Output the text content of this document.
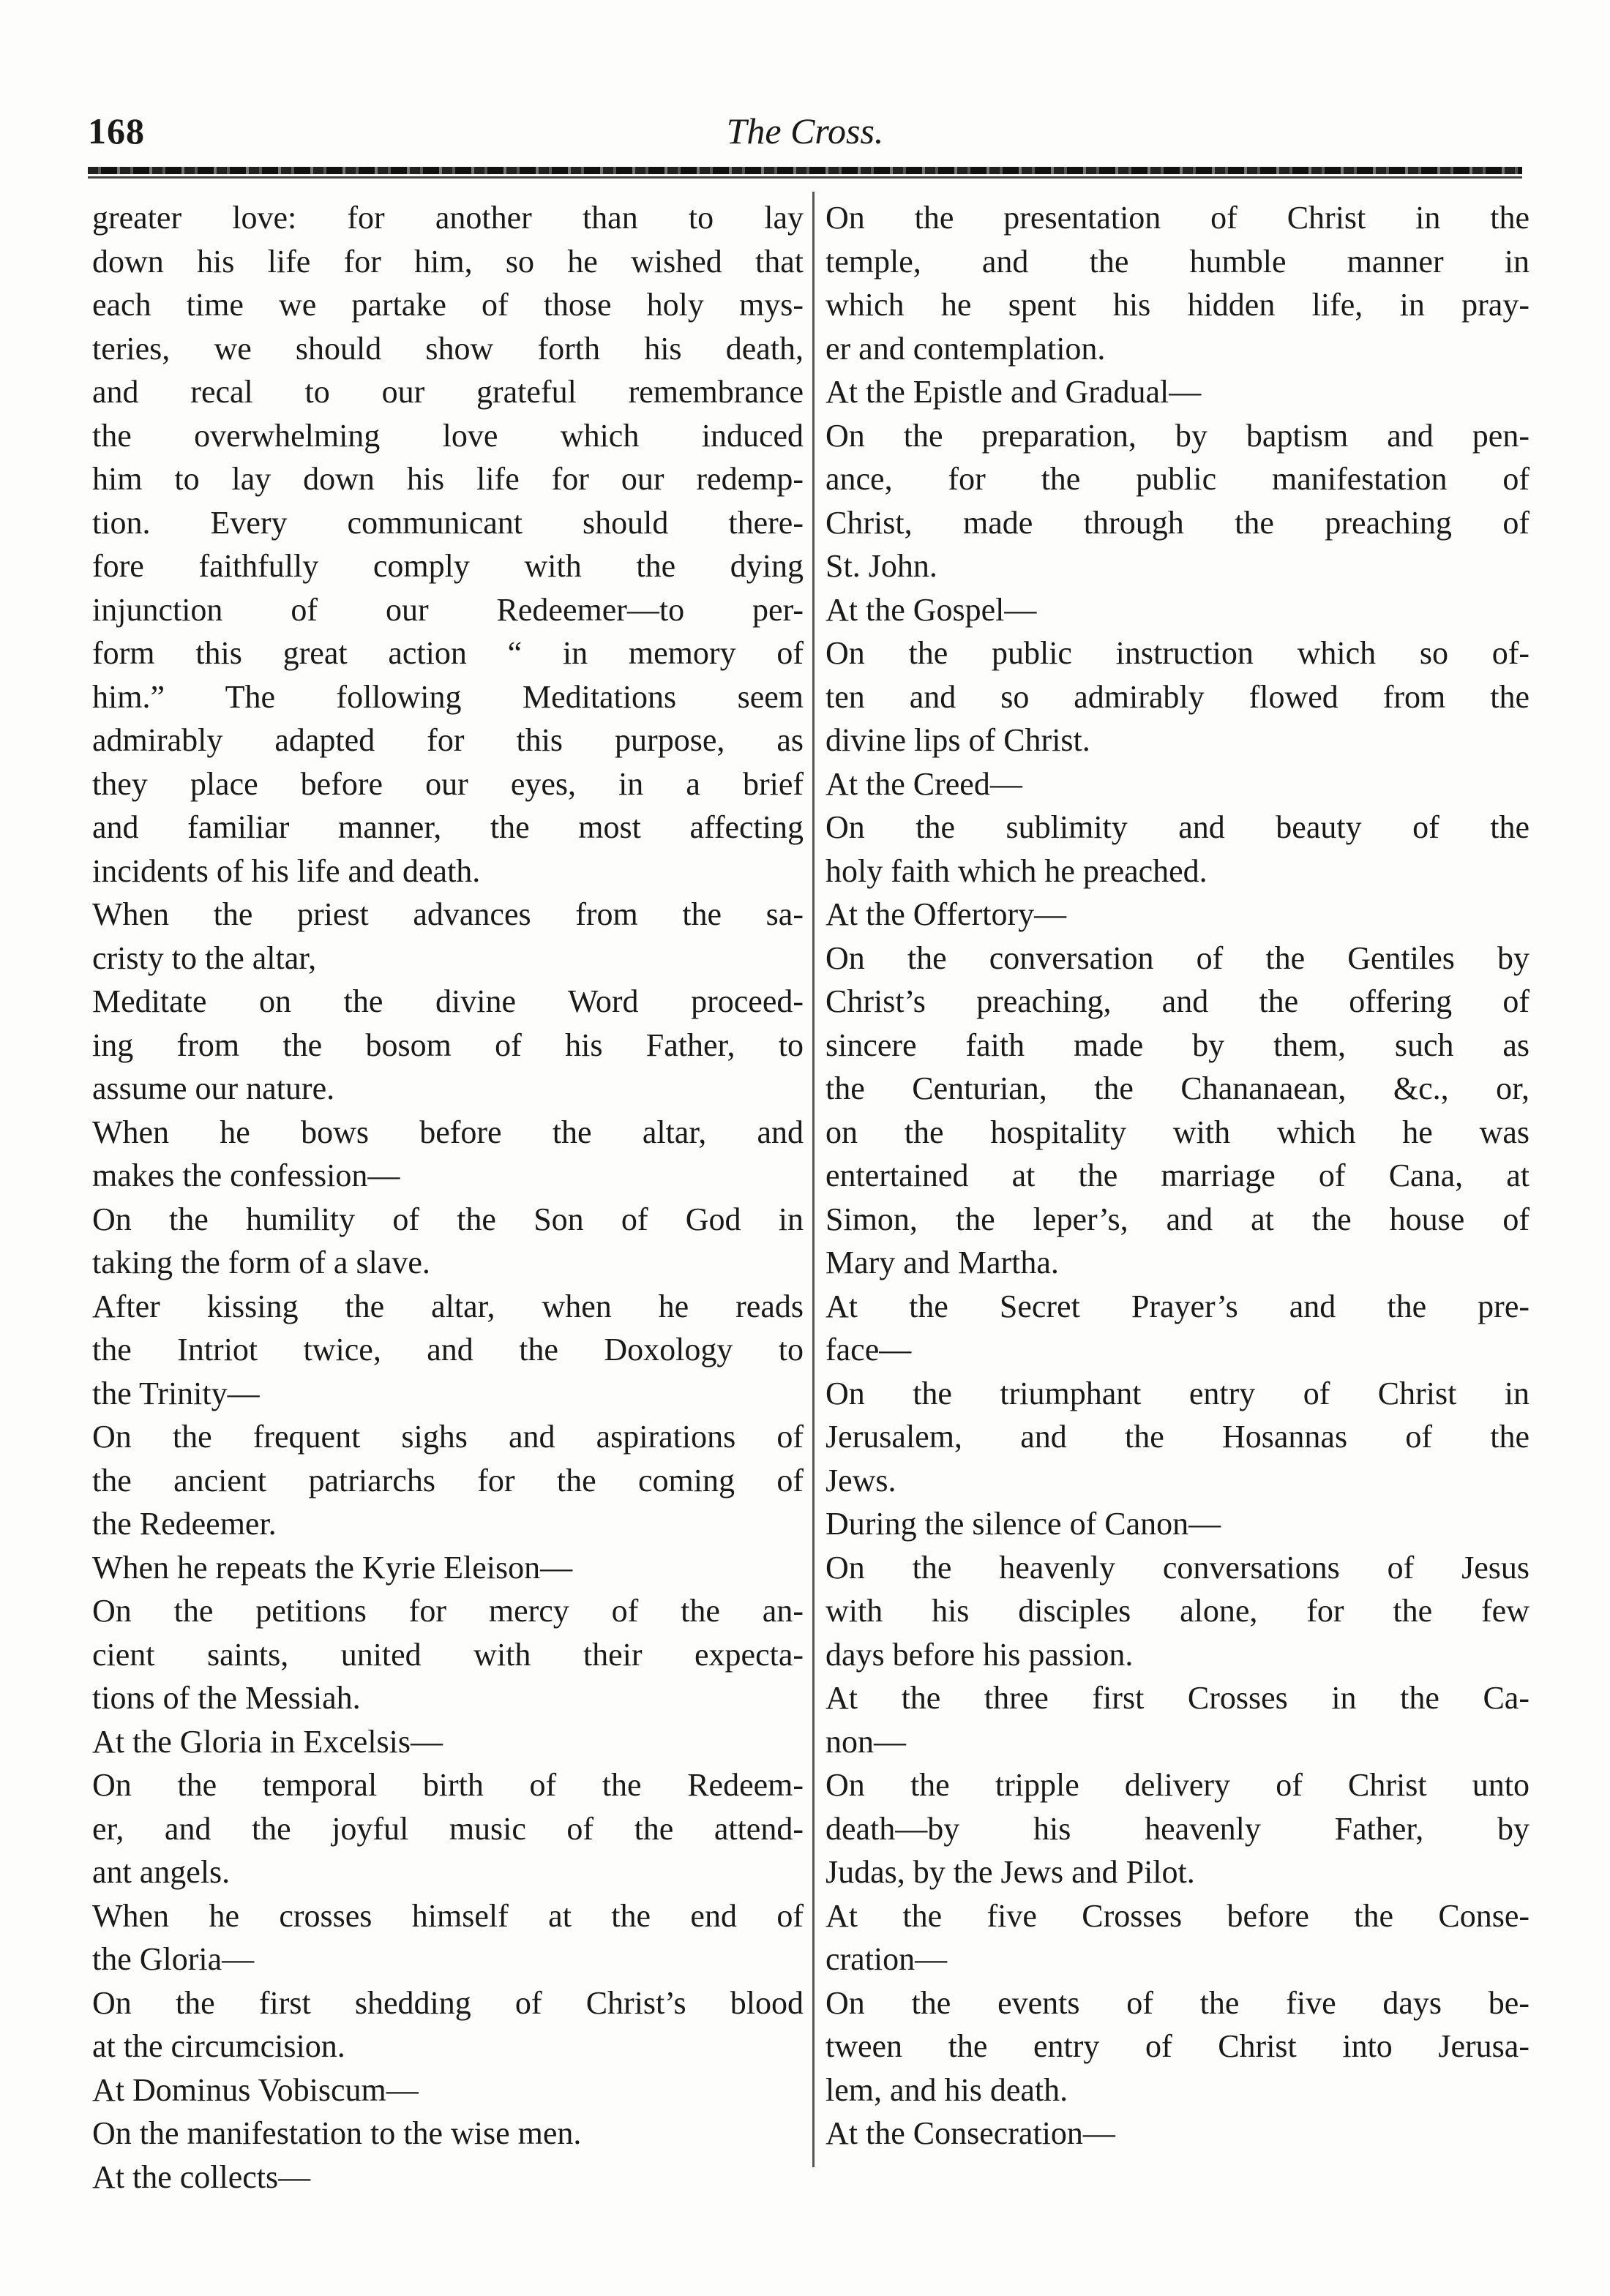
168	The Cross.
greater love: for another than to lay
down his life for him, so he wished that
each time we partake of those holy mys-
teries, we should show forth his death,
and recal to our grateful remembrance
the overwhelming love which induced
him to lay down his life for our redemp-
tion. Every communicant should there-
fore faithfully comply with the dying
injunction of our Redeemer—to per-
form this great action “ in memory of
him.” The following Meditations seem
admirably adapted for this purpose, as
they place before our eyes, in a brief
and familiar manner, the most affecting
incidents of his life and death.
When the priest advances from the sa-
cristy to the altar,
Meditate on the divine Word proceed-
ing from the bosom of his Father, to
assume our nature.
When he bows before the altar, and
makes the confession—
On the humility of the Son of God in
taking the form of a slave.
After kissing the altar, when he reads
the Intriot twice, and the Doxology to
the Trinity—
On the frequent sighs and aspirations of
the ancient patriarchs for the coming of
the Redeemer.
When he repeats the Kyrie Eleison—
On the petitions for mercy of the an-
cient saints, united with their expecta-
tions of the Messiah.
At the Gloria in Excelsis—
On the temporal birth of the Redeem-
er, and the joyful music of the attend-
ant angels.
When he crosses himself at the end of
the Gloria—
On the first shedding of Christ’s blood
at the circumcision.
At Dominus Vobiscum—
On the manifestation to the wise men.
At the collects—
On the presentation of Christ in the
temple, and the humble manner in
which he spent his hidden life, in pray-
er and contemplation.
At the Epistle and Gradual—
On the preparation, by baptism and pen-
ance, for the public manifestation of
Christ, made through the preaching of
St. John.
At the Gospel—
On the public instruction which so of-
ten and so admirably flowed from the
divine lips of Christ.
At the Creed—
On the sublimity and beauty of the
holy faith which he preached.
At the Offertory—
On the conversation of the Gentiles by
Christ’s preaching, and the offering of
sincere faith made by them, such as
the Centurian, the Chananaean, &c., or,
on the hospitality with which he was
entertained at the marriage of Cana, at
Simon, the leper’s, and at the house of
Mary and Martha.
At the Secret Prayer’s and the pre-
face—
On the triumphant entry of Christ in
Jerusalem, and the Hosannas of the
Jews.
During the silence of Canon—
On the heavenly conversations of Jesus
with his disciples alone, for the few
days before his passion.
At the three first Crosses in the Ca-
non—
On the tripple delivery of Christ unto
death—by his heavenly Father, by
Judas, by the Jews and Pilot.
At the five Crosses before the Conse-
cration—
On the events of the five days be-
tween the entry of Christ into Jerusa-
lem, and his death.
At the Consecration—
